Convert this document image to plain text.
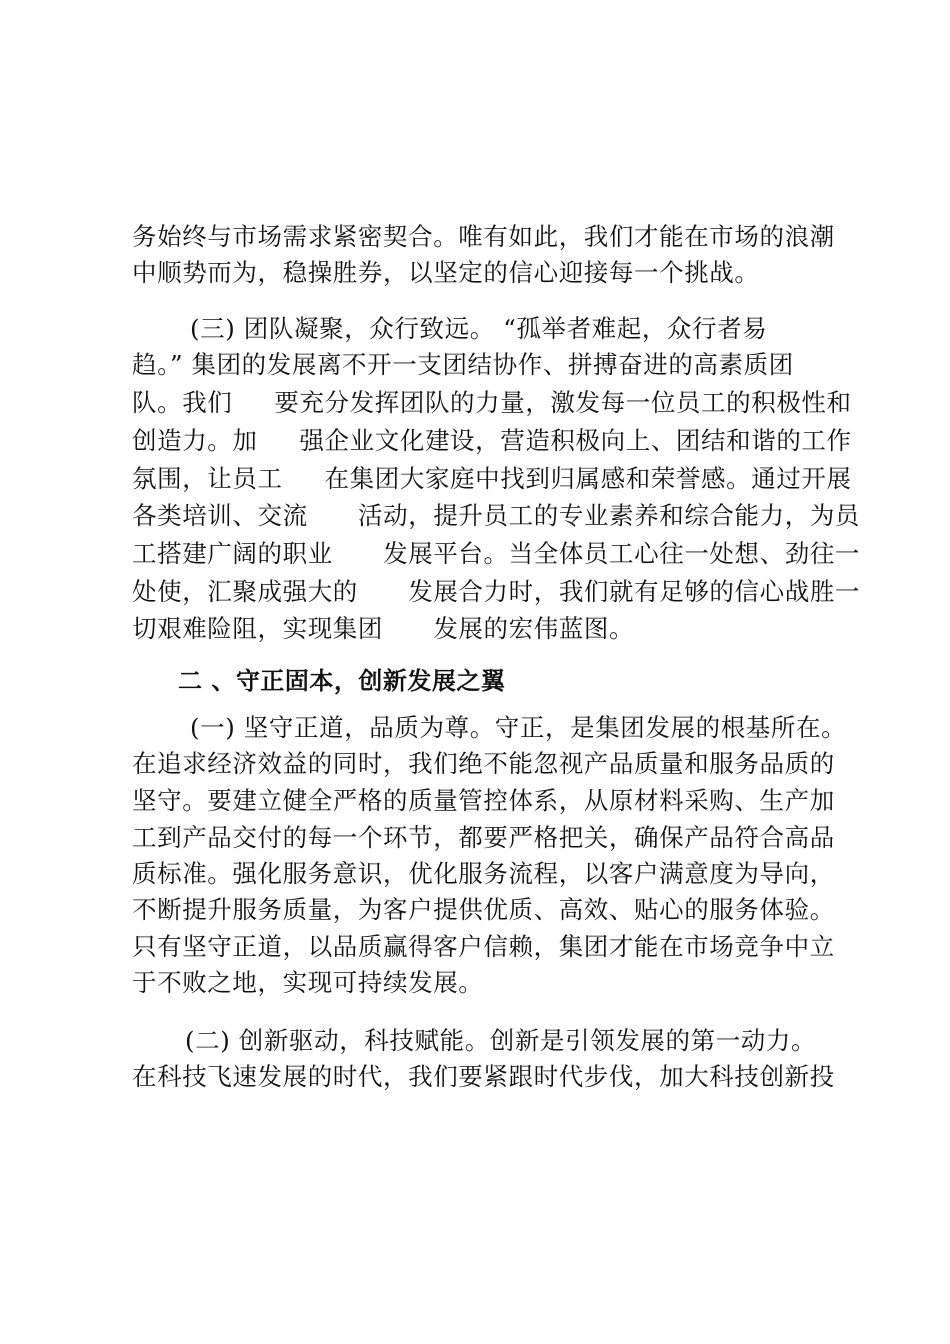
务始终与市场需求紧密契合。唯有如此，我们才能在市场的浪潮
中顺势而为，稳操胜券，以坚定的信心迎接每一个挑战。
(三) 团队凝聚，众行致远。 “孤举者难起，众行者易
趋。” 集团的发展离不开一支团结协作、拼搏奋进的高素质团
队。我们     要充分发挥团队的力量，激发每一位员工的积极性和
创造力。加     强企业文化建设，营造积极向上、团结和谐的工作
氛围，让员工     在集团大家庭中找到归属感和荣誉感。通过开展
各类培训、交流      活动，提升员工的专业素养和综合能力，为员
工搭建广阔的职业      发展平台。当全体员工心往一处想、劲往一
处使，汇聚成强大的      发展合力时，我们就有足够的信心战胜一
切艰难险阻，实现集团      发展的宏伟蓝图。
二 、守正固本，创新发展之翼
(一) 坚守正道，品质为尊。守正，是集团发展的根基所在。
在追求经济效益的同时，我们绝不能忽视产品质量和服务品质的
坚守。要建立健全严格的质量管控体系，从原材料采购、生产加
工到产品交付的每一个环节，都要严格把关，确保产品符合高品
质标准。强化服务意识，优化服务流程，以客户满意度为导向，
不断提升服务质量，为客户提供优质、高效、贴心的服务体验。
只有坚守正道，以品质赢得客户信赖，集团才能在市场竞争中立
于不败之地，实现可持续发展。
(二) 创新驱动，科技赋能。创新是引领发展的第一动力。
在科技飞速发展的时代，我们要紧跟时代步伐，加大科技创新投
